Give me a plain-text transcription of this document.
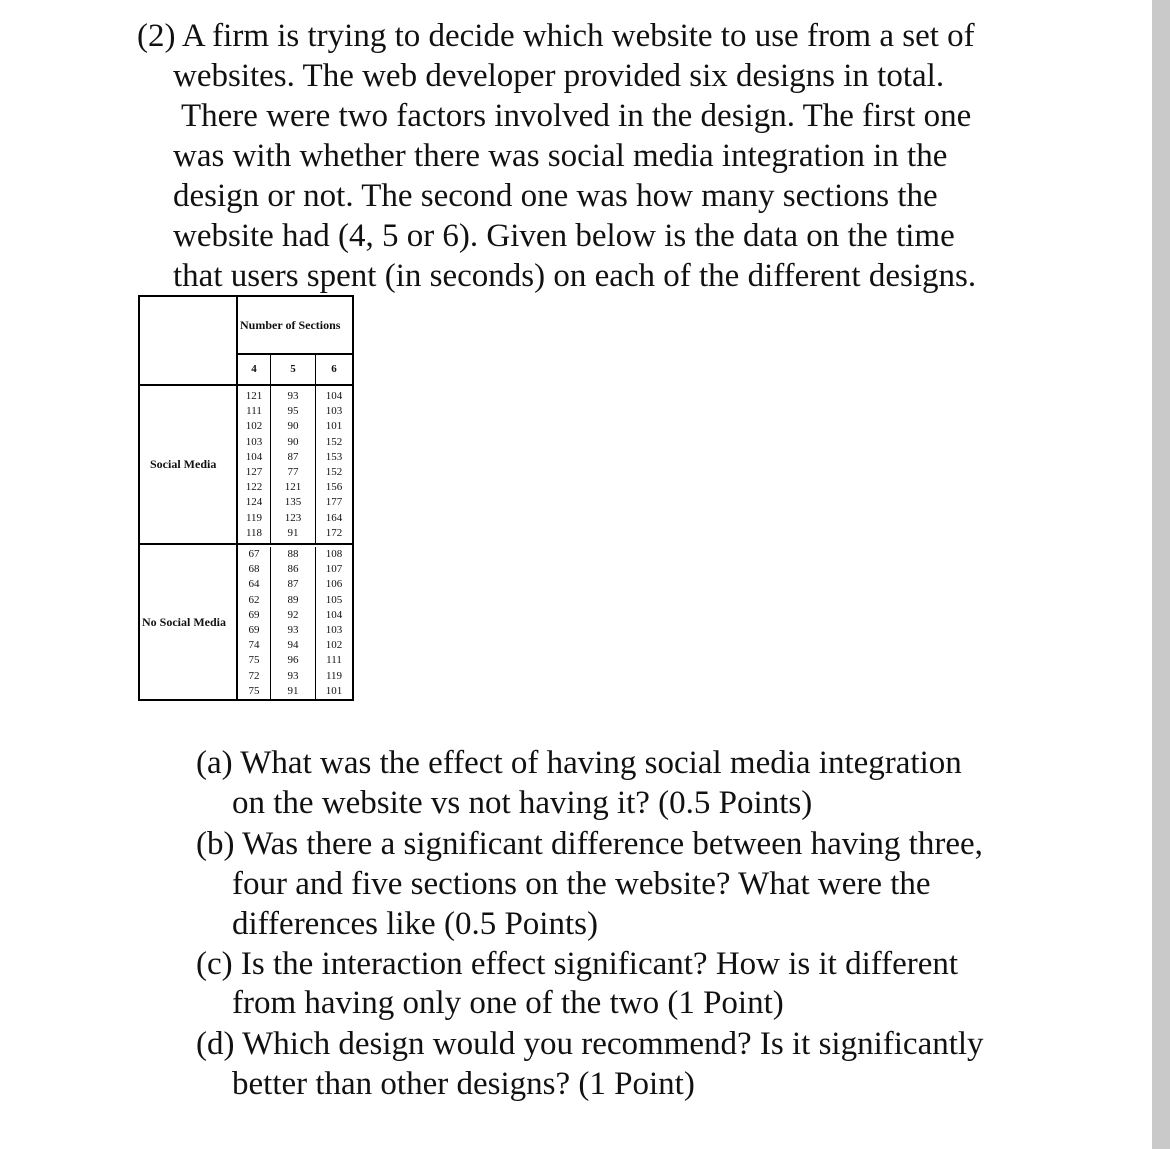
(2) A firm is trying to decide which website to use from a set of
websites. The web developer provided six designs in total.
There were two factors involved in the design. The first one
was with whether there was social media integration in the
design or not. The second one was how many sections the
website had (4, 5 or 6). Given below is the data on the time
that users spent (in seconds) on each of the different designs.
Number of Sections
4	5	6
Social Media
No Social Media
121
111
102
103
104
127
122
124
119
118
93
95
90
90
87
77
121
135
123
91
104
103
101
152
153
152
156
177
164
172
67
68
64
62
69
69
74
75
72
75
88
86
87
89
92
93
94
96
93
91
108
107
106
105
104
103
102
111
119
101
(a) What was the effect of having social media integration
on the website vs not having it? (0.5 Points)
(b) Was there a significant difference between having three,
four and five sections on the website? What were the
differences like (0.5 Points)
(c) Is the interaction effect significant? How is it different
from having only one of the two (1 Point)
(d) Which design would you recommend? Is it significantly
better than other designs? (1 Point)
